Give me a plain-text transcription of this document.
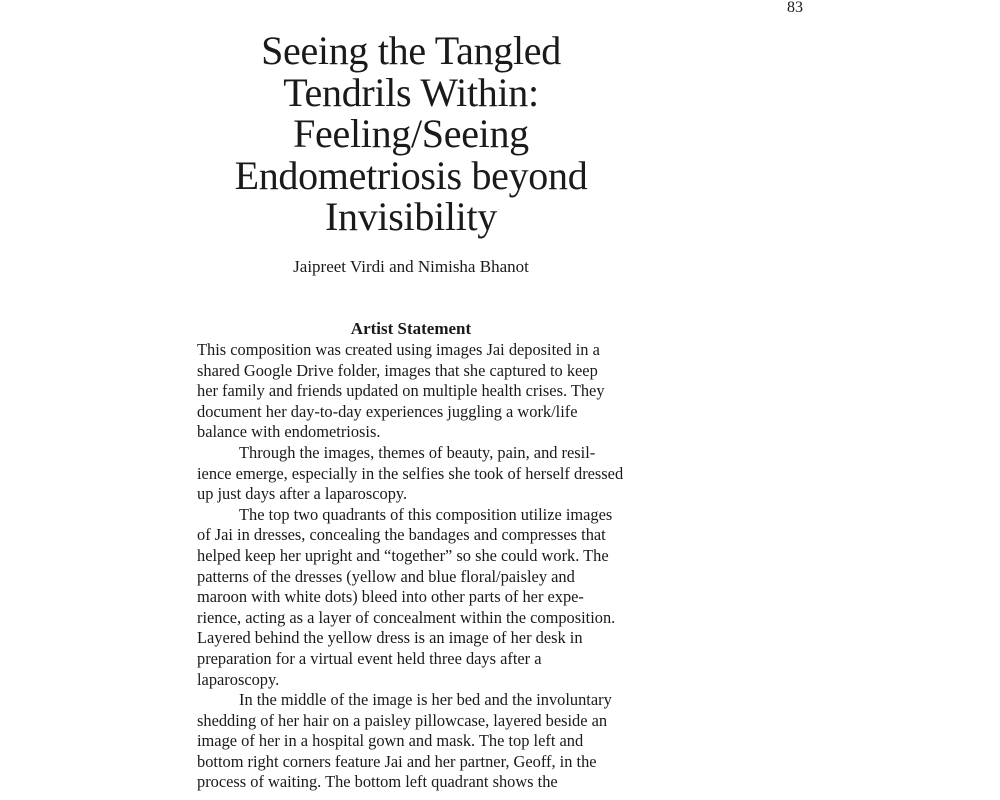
83
Seeing the Tangled
Tendrils Within:
Feeling/Seeing
Endometriosis beyond
Invisibility
Jaipreet Virdi and Nimisha Bhanot
Artist Statement
This composition was created using images Jai deposited in a
shared Google Drive folder, images that she captured to keep
her family and friends updated on multiple health crises. They
document her day-to-day experiences juggling a work/life
balance with endometriosis.
Through the images, themes of beauty, pain, and resil-
ience emerge, especially in the selfies she took of herself dressed
up just days after a laparoscopy.
The top two quadrants of this composition utilize images
of Jai in dresses, concealing the bandages and compresses that
helped keep her upright and “together” so she could work. The
patterns of the dresses (yellow and blue floral/paisley and
maroon with white dots) bleed into other parts of her expe-
rience, acting as a layer of concealment within the composition.
Layered behind the yellow dress is an image of her desk in
preparation for a virtual event held three days after a
laparoscopy.
In the middle of the image is her bed and the involuntary
shedding of her hair on a paisley pillowcase, layered beside an
image of her in a hospital gown and mask. The top left and
bottom right corners feature Jai and her partner, Geoff, in the
process of waiting. The bottom left quadrant shows the
